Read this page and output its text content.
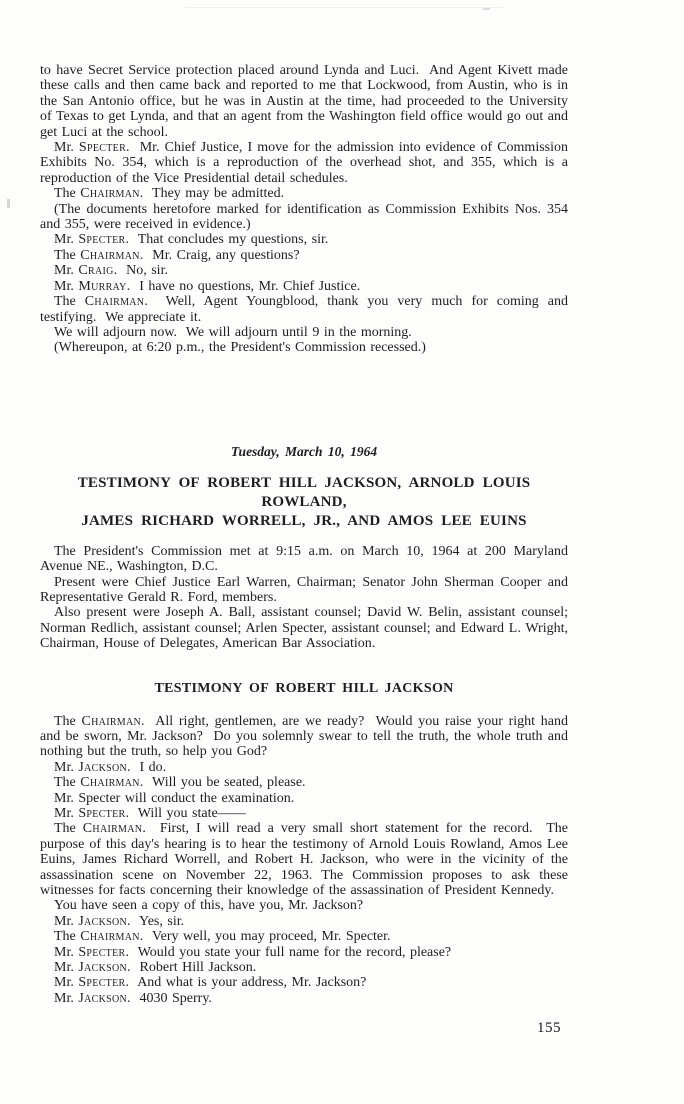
to have Secret Service protection placed around Lynda and Luci.  And Agent Kivett made these calls and then came back and reported to me that Lockwood, from Austin, who is in the San Antonio office, but he was in Austin at the time, had proceeded to the University of Texas to get Lynda, and that an agent from the Washington field office would go out and get Luci at the school.

Mr. Specter.  Mr. Chief Justice, I move for the admission into evidence of Commission Exhibits No. 354, which is a reproduction of the overhead shot, and 355, which is a reproduction of the Vice Presidential detail schedules.

The Chairman.  They may be admitted.

(The documents heretofore marked for identification as Commission Exhibits Nos. 354 and 355, were received in evidence.)

Mr. Specter.  That concludes my questions, sir.

The Chairman.  Mr. Craig, any questions?

Mr. Craig.  No, sir.

Mr. Murray.  I have no questions, Mr. Chief Justice.

The Chairman.  Well, Agent Youngblood, thank you very much for coming and testifying.  We appreciate it.

We will adjourn now.  We will adjourn until 9 in the morning.

(Whereupon, at 6:20 p.m., the President's Commission recessed.)

Tuesday, March 10, 1964
TESTIMONY OF ROBERT HILL JACKSON, ARNOLD LOUIS ROWLAND,
JAMES RICHARD WORRELL, JR., AND AMOS LEE EUINS

The President's Commission met at 9:15 a.m. on March 10, 1964 at 200 Maryland Avenue NE., Washington, D.C.

Present were Chief Justice Earl Warren, Chairman; Senator John Sherman Cooper and Representative Gerald R. Ford, members.

Also present were Joseph A. Ball, assistant counsel; David W. Belin, assistant counsel; Norman Redlich, assistant counsel; Arlen Specter, assistant counsel; and Edward L. Wright, Chairman, House of Delegates, American Bar Association.

TESTIMONY OF ROBERT HILL JACKSON

The Chairman.  All right, gentlemen, are we ready?  Would you raise your right hand and be sworn, Mr. Jackson?  Do you solemnly swear to tell the truth, the whole truth and nothing but the truth, so help you God?

Mr. Jackson.  I do.

The Chairman.  Will you be seated, please.

Mr. Specter will conduct the examination.

Mr. Specter.  Will you state——

The Chairman.  First, I will read a very small short statement for the record.  The purpose of this day's hearing is to hear the testimony of Arnold Louis Rowland, Amos Lee Euins, James Richard Worrell, and Robert H. Jackson, who were in the vicinity of the assassination scene on November 22, 1963. The Commission proposes to ask these witnesses for facts concerning their knowledge of the assassination of President Kennedy.

You have seen a copy of this, have you, Mr. Jackson?

Mr. Jackson.  Yes, sir.

The Chairman.  Very well, you may proceed, Mr. Specter.

Mr. Specter.  Would you state your full name for the record, please?

Mr. Jackson.  Robert Hill Jackson.

Mr. Specter.  And what is your address, Mr. Jackson?

Mr. Jackson.  4030 Sperry.

155
